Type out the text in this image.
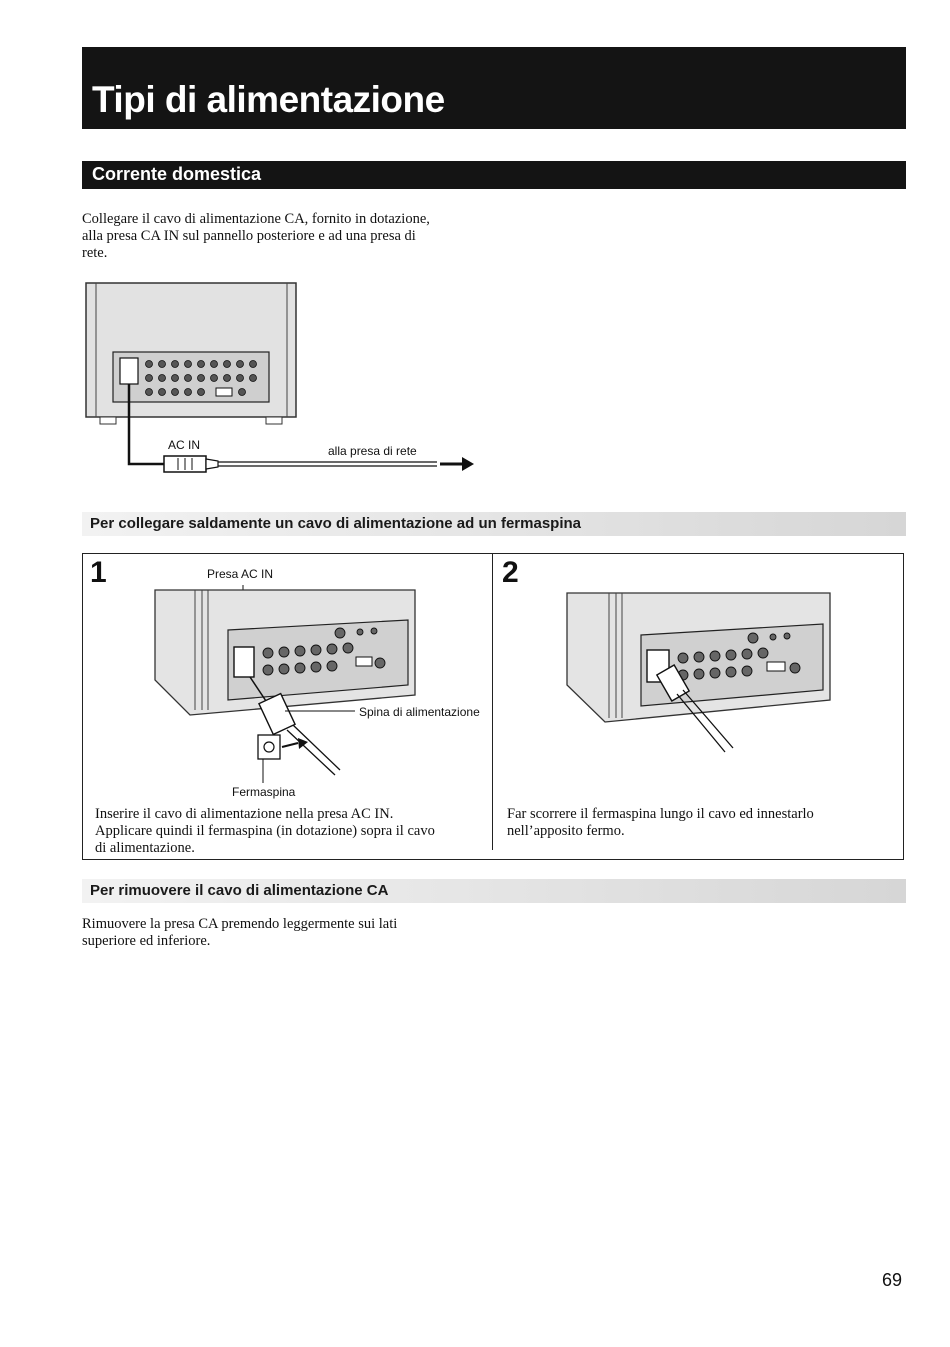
Tipi di alimentazione
Corrente domestica
Collegare il cavo di alimentazione CA, fornito in dotazione,
alla presa CA IN sul pannello posteriore e ad una presa di
rete.
AC IN	alla presa di rete
Per collegare saldamente un cavo di alimentazione ad un fermaspina
1	Presa AC IN
Spina di alimentazione
Fermaspina
Inserire il cavo di alimentazione nella presa AC IN.
Applicare quindi il fermaspina (in dotazione) sopra il cavo
di alimentazione.
2
Far scorrere il fermaspina lungo il cavo ed innestarlo
nell’apposito fermo.
Per rimuovere il cavo di alimentazione CA
Rimuovere la presa CA premendo leggermente sui lati
superiore ed inferiore.
69
